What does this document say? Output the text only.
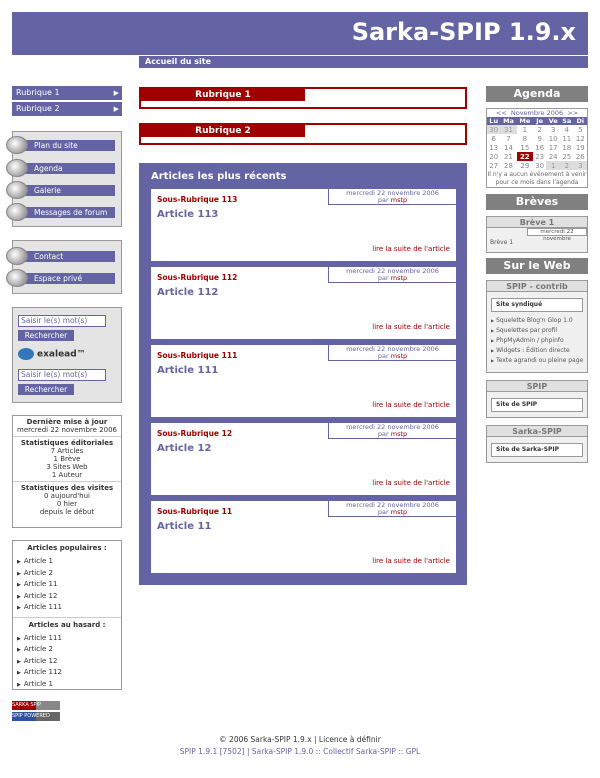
Sarka-SPIP 1.9.x
Accueil du site
Rubrique 1	▶
Rubrique 2	▶
Plan du site
Agenda
Galerie
Messages de forum
Contact
Espace privé
Saisir le(s) mot(s)
Rechercher
exalead™
Saisir le(s) mot(s)
Rechercher
Dernière mise à jour
mercredi 22 novembre 2006
Statistiques éditoriales
7 Articles
1 Brève
3 Sites Web
1 Auteur
Statistiques des visites
0 aujourd'hui
0 hier
depuis le début
Articles populaires :
▶ Article 1
▶ Article 2
▶ Article 11
▶ Article 12
▶ Article 111
Articles au hasard :
▶ Article 111
▶ Article 2
▶ Article 12
▶ Article 112
▶ Article 1
SARKA SPIP
SPIP POWERED
Rubrique 1
Rubrique 2
Articles les plus récents
Sous-Rubrique 113
mercredi 22 novembre 2006
par mstp
Article 113
lire la suite de l'article
Sous-Rubrique 112
mercredi 22 novembre 2006
par mstp
Article 112
lire la suite de l'article
Sous-Rubrique 111
mercredi 22 novembre 2006
par mstp
Article 111
lire la suite de l'article
Sous-Rubrique 12
mercredi 22 novembre 2006
par mstp
Article 12
lire la suite de l'article
Sous-Rubrique 11
mercredi 22 novembre 2006
par mstp
Article 11
lire la suite de l'article
Agenda
<< Novembre 2006 >>
Lu	Ma	Me	Je	Ve	Sa	Di
30	31	1	2	3	4	5
6	7	8	9	10	11	12
13	14	15	16	17	18	19
20	21	22	23	24	25	26
27	28	29	30	1	2	3
Il n'y a aucun événement à venir pour ce mois dans l'agenda
Brèves
Brève 1
mercredi 22 novembre
Brève 1
Sur le Web
SPIP - contrib
Site syndiqué
▶ Squelette Blog'n Glop 1.0
▶ Squelettes par profil
▶ PhpMyAdmin / phpinfo
▶ Widgets : Édition directe
▶ Texte agrandi ou pleine page
SPIP
Site de SPIP
Sarka-SPIP
Site de Sarka-SPIP
© 2006 Sarka-SPIP 1.9.x | Licence à définir
SPIP 1.9.1 [7502] | Sarka-SPIP 1.9.0 :: Collectif Sarka-SPIP :: GPL
